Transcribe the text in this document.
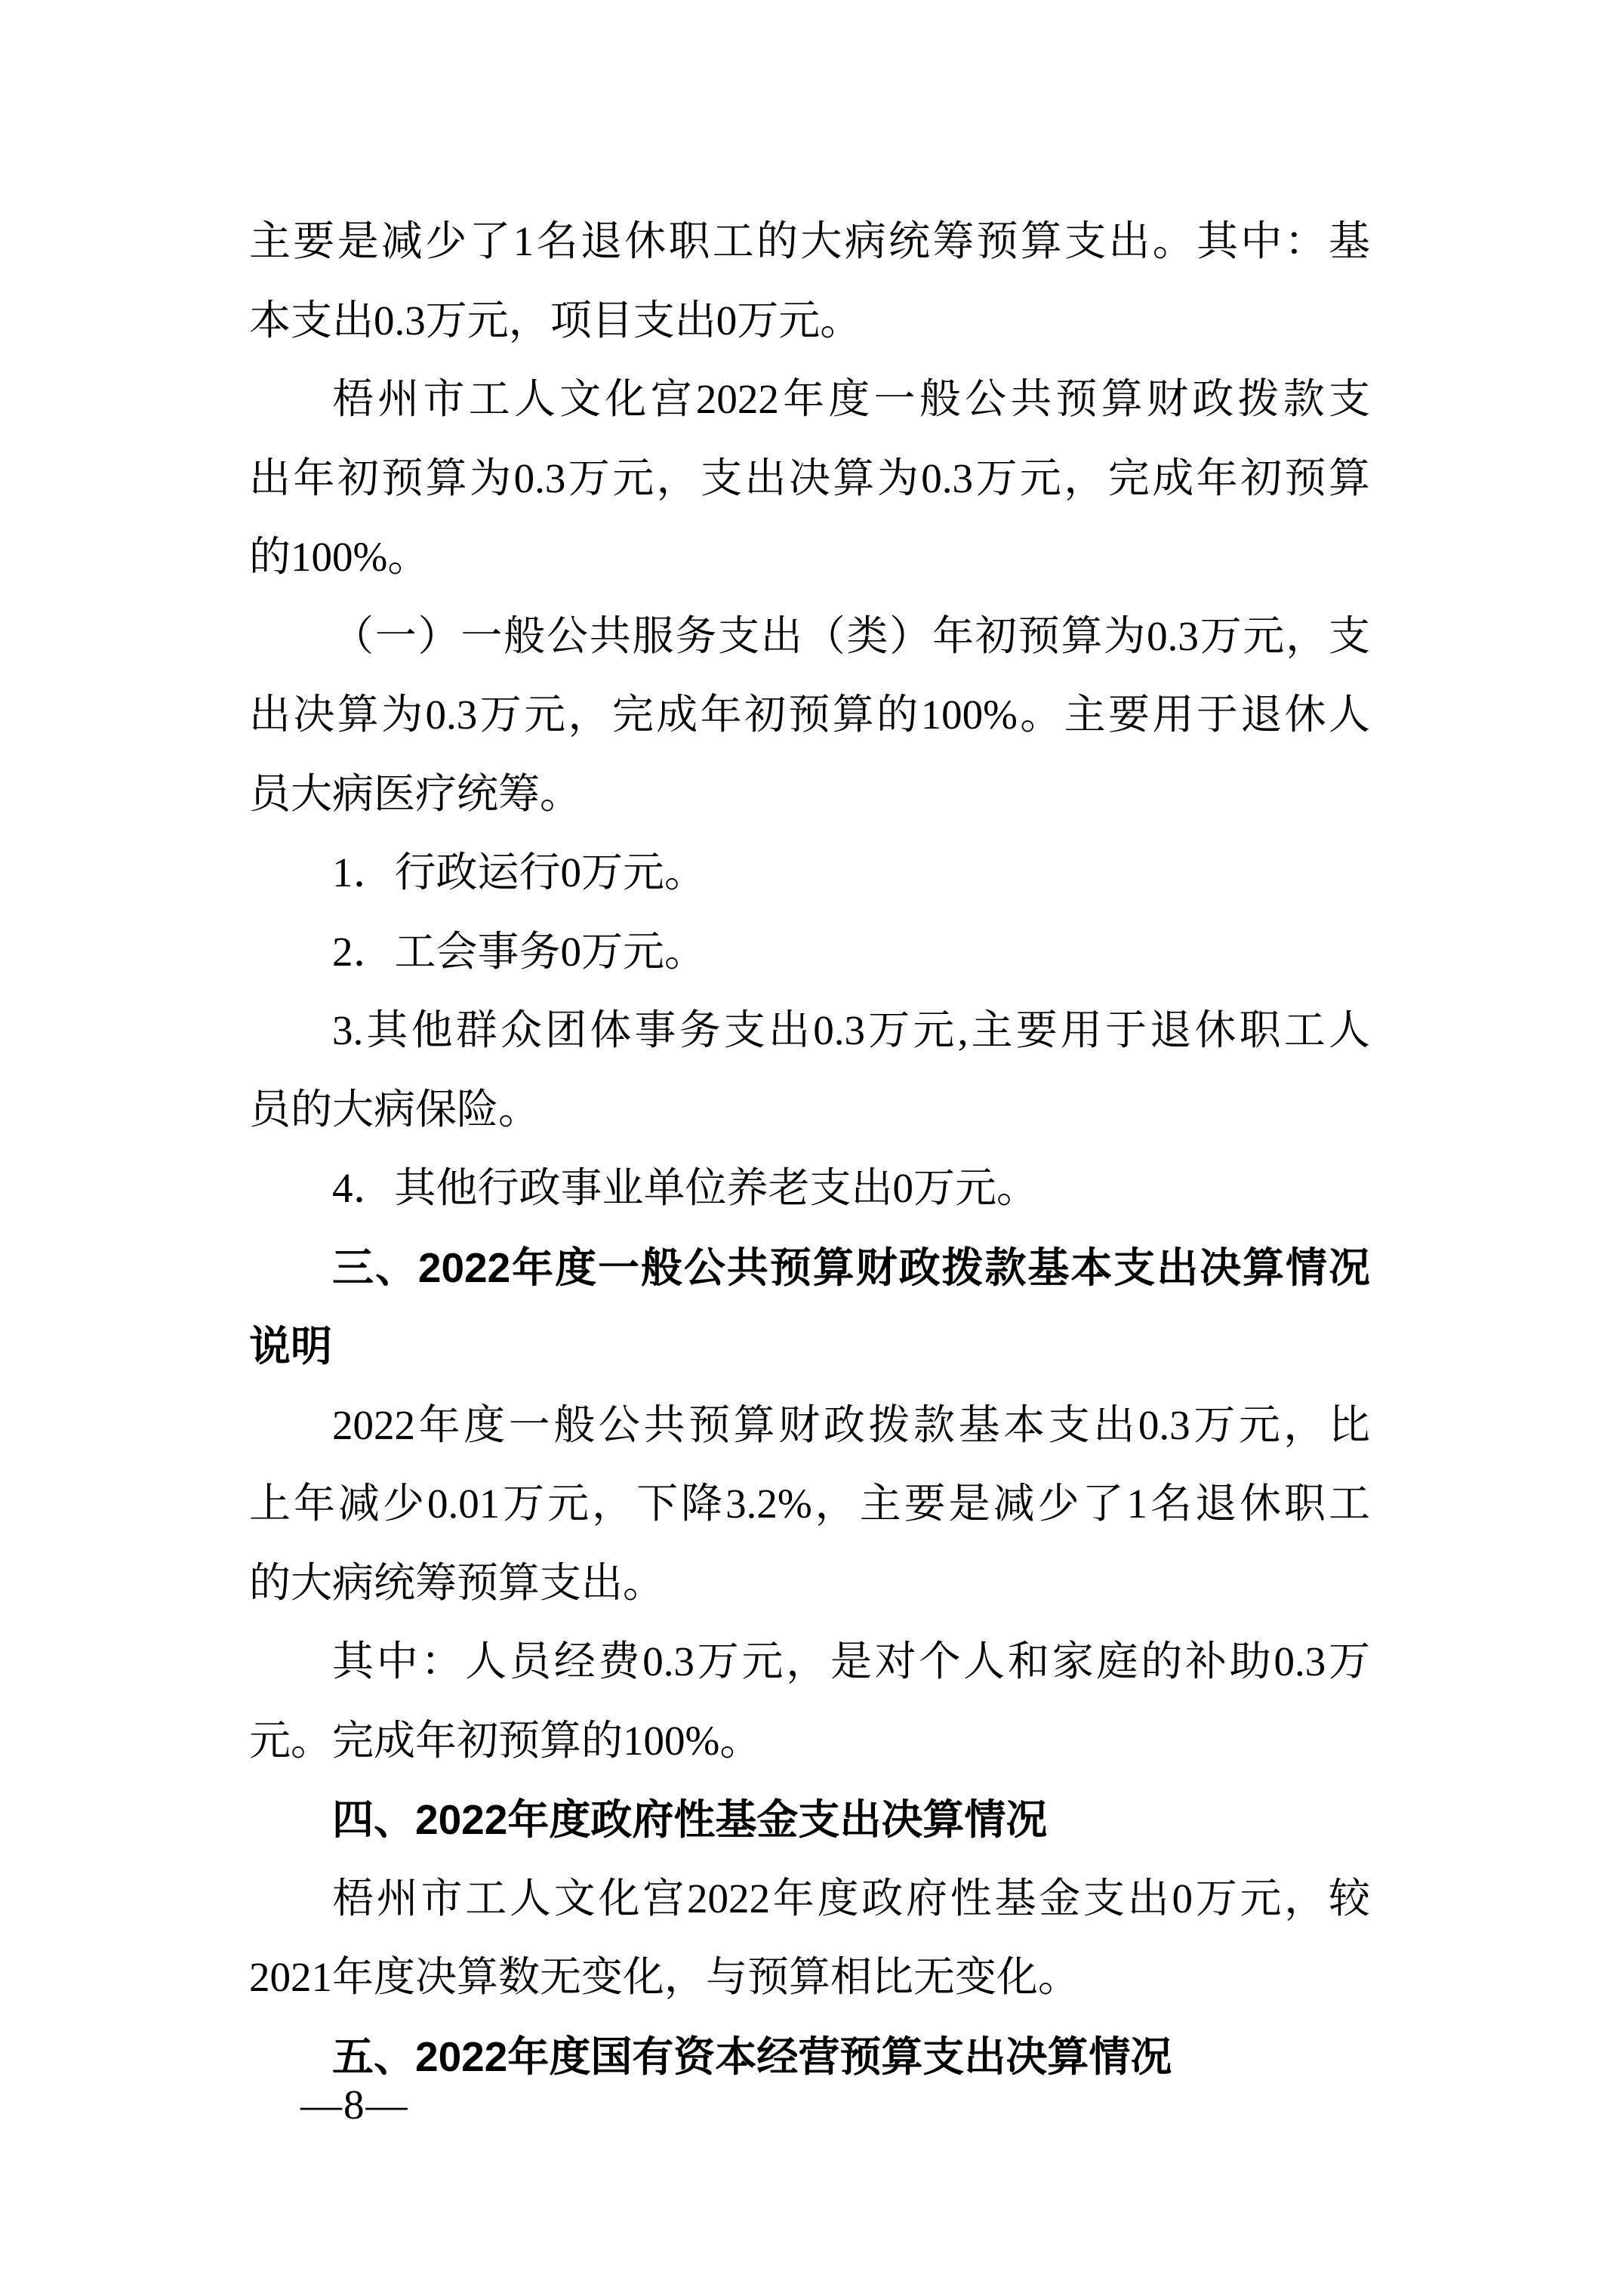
主要是减少了1名退休职工的大病统筹预算支出。其中：基
本支出0.3万元，项目支出0万元。
梧州市工人文化宫2022年度一般公共预算财政拨款支
出年初预算为0.3万元，支出决算为0.3万元，完成年初预算
的100%。
（一）一般公共服务支出（类）年初预算为0.3万元，支
出决算为0.3万元，完成年初预算的100%。主要用于退休人
员大病医疗统筹。
1．行政运行0万元。
2．工会事务0万元。
3.其他群众团体事务支出0.3万元,主要用于退休职工人
员的大病保险。
4．其他行政事业单位养老支出0万元。
三、2022年度一般公共预算财政拨款基本支出决算情况
说明
2022年度一般公共预算财政拨款基本支出0.3万元，比
上年减少0.01万元，下降3.2%，主要是减少了1名退休职工
的大病统筹预算支出。
其中：人员经费0.3万元，是对个人和家庭的补助0.3万
元。完成年初预算的100%。
四、2022年度政府性基金支出决算情况
梧州市工人文化宫2022年度政府性基金支出0万元，较
2021年度决算数无变化，与预算相比无变化。
五、2022年度国有资本经营预算支出决算情况
—8—
